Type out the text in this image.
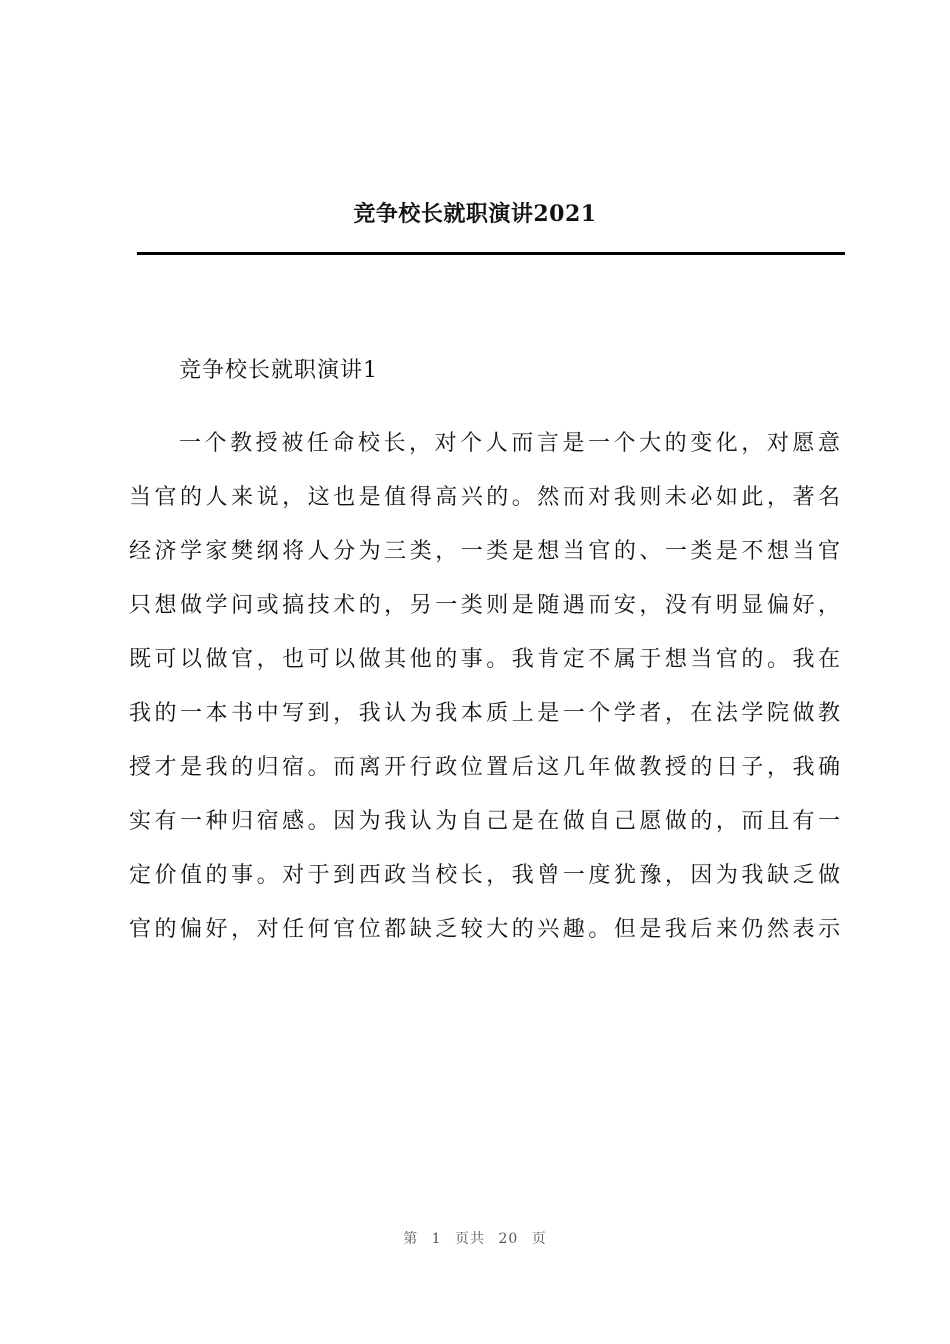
竞争校长就职演讲2021
竞争校长就职演讲1
一个教授被任命校长，对个人而言是一个大的变化，对愿意
当官的人来说，这也是值得高兴的。然而对我则未必如此，著名
经济学家樊纲将人分为三类，一类是想当官的、一类是不想当官
只想做学问或搞技术的，另一类则是随遇而安，没有明显偏好，
既可以做官，也可以做其他的事。我肯定不属于想当官的。我在
我的一本书中写到，我认为我本质上是一个学者，在法学院做教
授才是我的归宿。而离开行政位置后这几年做教授的日子，我确
实有一种归宿感。因为我认为自己是在做自己愿做的，而且有一
定价值的事。对于到西政当校长，我曾一度犹豫，因为我缺乏做
官的偏好，对任何官位都缺乏较大的兴趣。但是我后来仍然表示
第 1 页共 20 页
